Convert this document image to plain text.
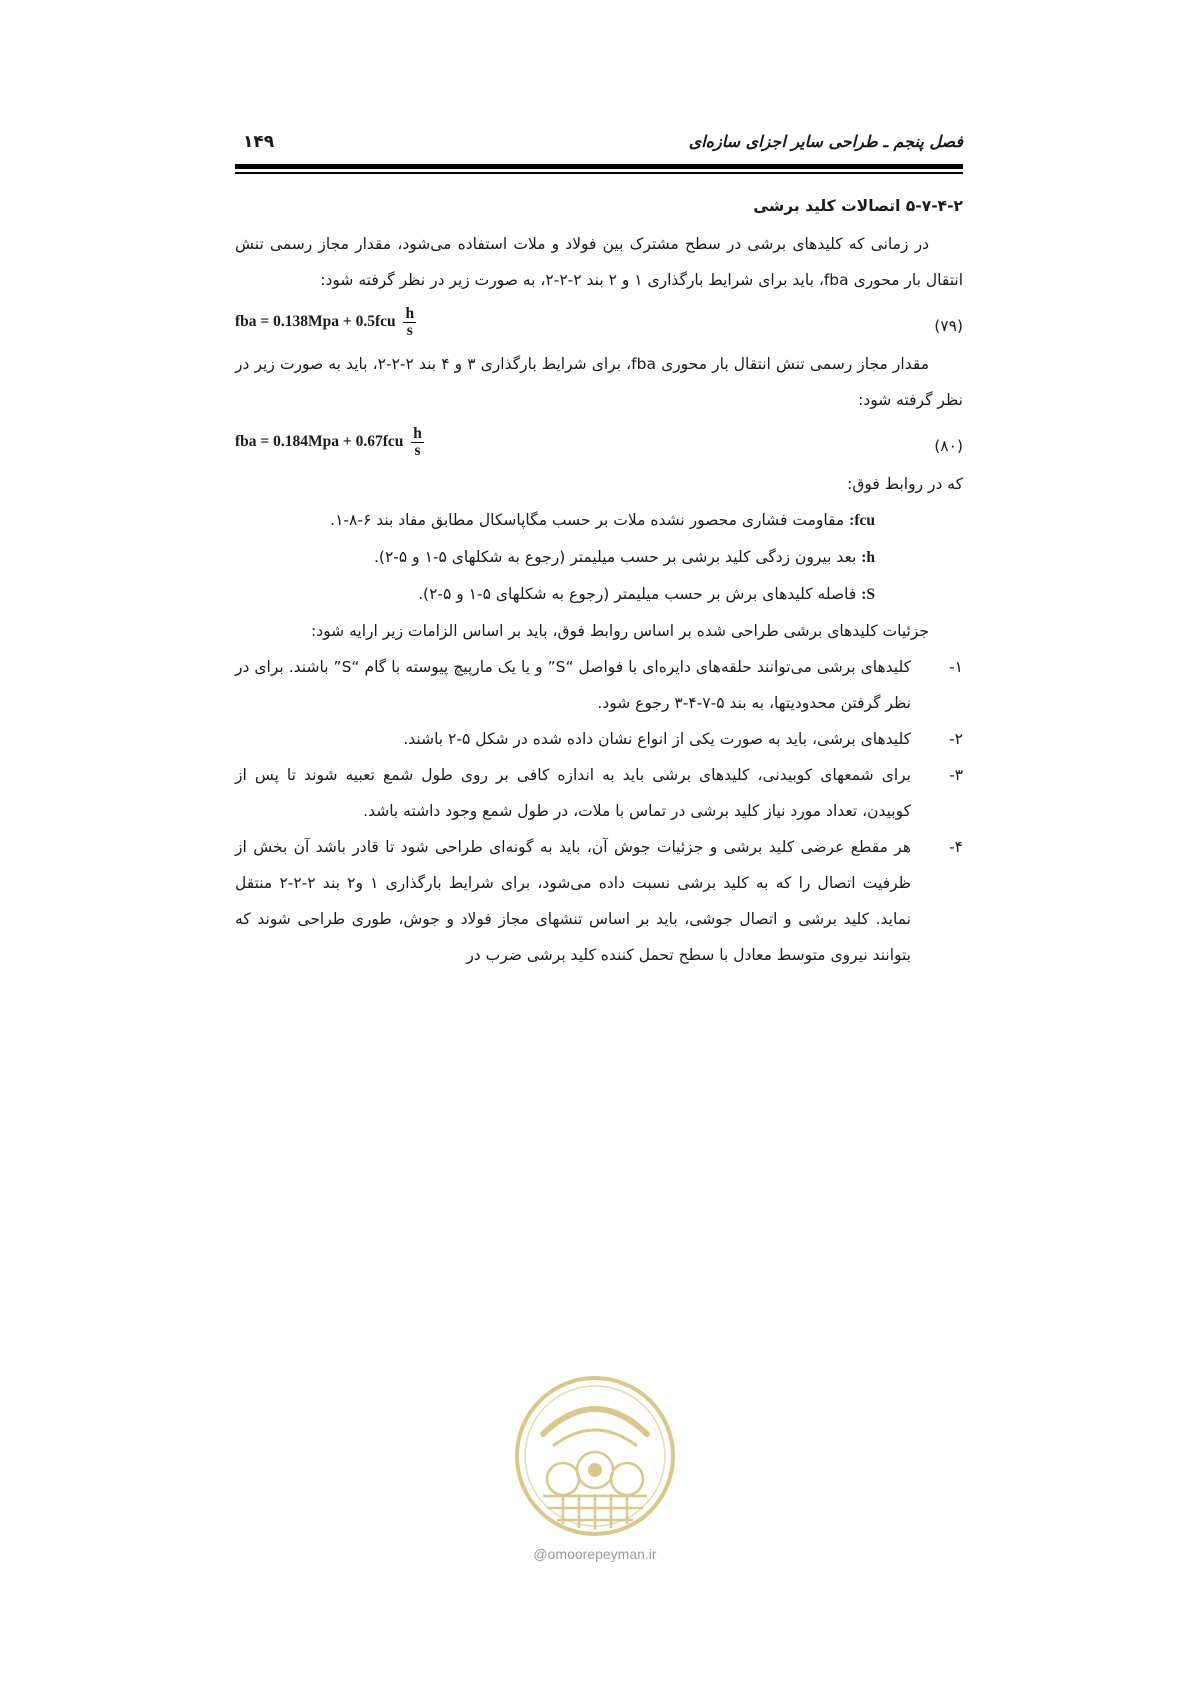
۱۴۹	فصل پنجم ـ طراحی سایر اجزای سازه‌ای

۵-۷-۴-۲ اتصالات کلید برشی

در زمانی که کلیدهای برشی در سطح مشترک بین فولاد و ملات استفاده می‌شود، مقدار مجاز رسمی تنش انتقال بار محوری fba، باید برای شرایط بارگذاری ۱ و ۲ بند ۲-۲-۲، به صورت زیر در نظر گرفته شود:

fba = $0.138Mpa + 0.5fcu \frac{h}{s}$	(۷۹)

مقدار مجاز رسمی تنش انتقال بار محوری fba، برای شرایط بارگذاری ۳ و ۴ بند ۲-۲-۲، باید به صورت زیر در نظر گرفته شود:

fba = $0.184Mpa + 0.67fcu \frac{h}{s}$	(۸۰)

که در روابط فوق:

fcu: مقاومت فشاری محصور نشده ملات بر حسب مگاپاسکال مطابق مفاد بند ۶-۸-۱.

h: بعد بیرون زدگی کلید برشی بر حسب میلیمتر (رجوع به شکلهای ۵-۱ و ۵-۲).

S: فاصله کلیدهای برش بر حسب میلیمتر (رجوع به شکلهای ۵-۱ و ۵-۲).

جزئیات کلیدهای برشی طراحی شده بر اساس روابط فوق، باید بر اساس الزامات زیر ارایه شود:

۱-
کلیدهای برشی می‌توانند حلقه‌های دایره‌ای با فواصل “S” و یا یک مارپیچ پیوسته با گام “S” باشند. برای در نظر گرفتن محدودیتها، به بند ۵-۷-۴-۳ رجوع شود.
۲-
کلیدهای برشی، باید به صورت یکی از انواع نشان داده شده در شکل ۵-۲ باشند.
۳-
برای شمعهای کوبیدنی، کلیدهای برشی باید به اندازه کافی بر روی طول شمع تعبیه شوند تا پس از کوبیدن، تعداد مورد نیاز کلید برشی در تماس با ملات، در طول شمع وجود داشته باشد.
۴-
هر مقطع عرضی کلید برشی و جزئیات جوش آن، باید به گونه‌ای طراحی شود تا قادر باشد آن بخش از ظرفیت اتصال را که به کلید برشی نسبت داده می‌شود، برای شرایط بارگذاری ۱ و۲ بند ۲-۲-۲ منتقل نماید. کلید برشی و اتصال جوشی، باید بر اساس تنشهای مجاز فولاد و جوش، طوری طراحی شوند که بتوانند نیروی متوسط معادل با سطح تحمل کننده کلید برشی ضرب در
@omoorepeyman.ir
